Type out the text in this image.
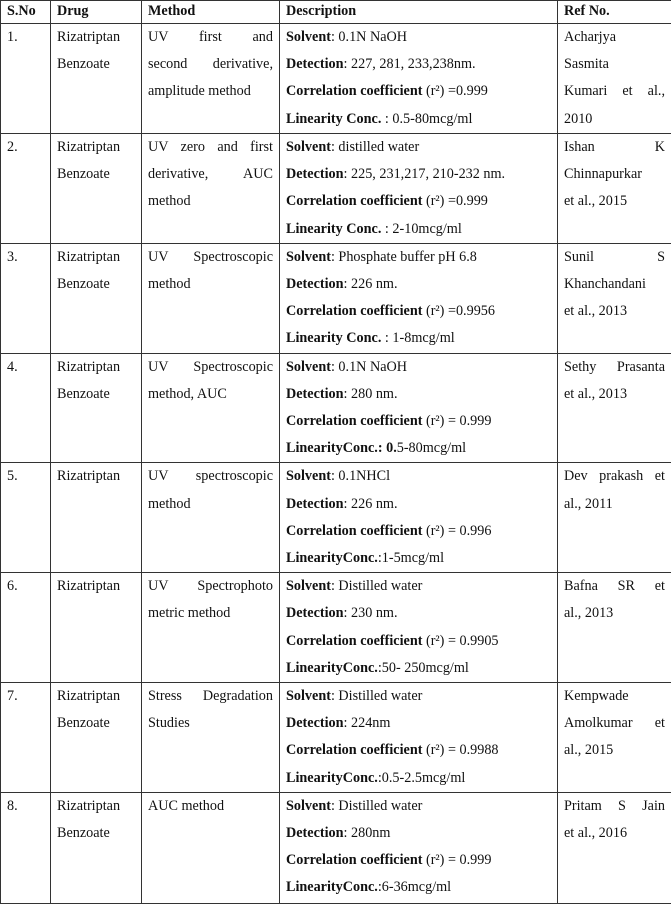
S.No	Drug	Method	Description	Ref No.
1.	Rizatriptan
Benzoate	UV first and
second derivative,
amplitude method	Solvent: 0.1N NaOH
Detection: 227, 281, 233,238nm.
Correlation coefficient (r²) =0.999
Linearity Conc. : 0.5-80mcg/ml	Acharjya
Sasmita
Kumari et al.,
2010

2.	Rizatriptan
Benzoate	UV zero and first
derivative, AUC
method	Solvent: distilled water
Detection: 225, 231,217, 210-232 nm.
Correlation coefficient (r²) =0.999
Linearity Conc. : 2-10mcg/ml	Ishan K
Chinnapurkar
et al., 2015

3.	Rizatriptan
Benzoate	UV Spectroscopic
method	Solvent: Phosphate buffer pH 6.8
Detection: 226 nm.
Correlation coefficient (r²) =0.9956
Linearity Conc. : 1-8mcg/ml	Sunil S
Khanchandani
et al., 2013

4.	Rizatriptan
Benzoate	UV Spectroscopic
method, AUC	Solvent: 0.1N NaOH
Detection: 280 nm.
Correlation coefficient (r²) = 0.999
LinearityConc.: 0.5-80mcg/ml	Sethy Prasanta
et al., 2013

5.	Rizatriptan	UV spectroscopic
method	Solvent: 0.1NHCl
Detection: 226 nm.
Correlation coefficient (r²) = 0.996
LinearityConc.:1-5mcg/ml	Dev prakash et
al., 2011

6.	Rizatriptan	UV Spectrophoto
metric method	Solvent: Distilled water
Detection: 230 nm.
Correlation coefficient (r²) = 0.9905
LinearityConc.:50- 250mcg/ml	Bafna SR et
al., 2013

7.	Rizatriptan
Benzoate	Stress Degradation
Studies	Solvent: Distilled water
Detection: 224nm
Correlation coefficient (r²) = 0.9988
LinearityConc.:0.5-2.5mcg/ml	Kempwade
Amolkumar et
al., 2015

8.	Rizatriptan
Benzoate	AUC method	Solvent: Distilled water
Detection: 280nm
Correlation coefficient (r²) = 0.999
LinearityConc.:6-36mcg/ml	Pritam S Jain
et al., 2016
